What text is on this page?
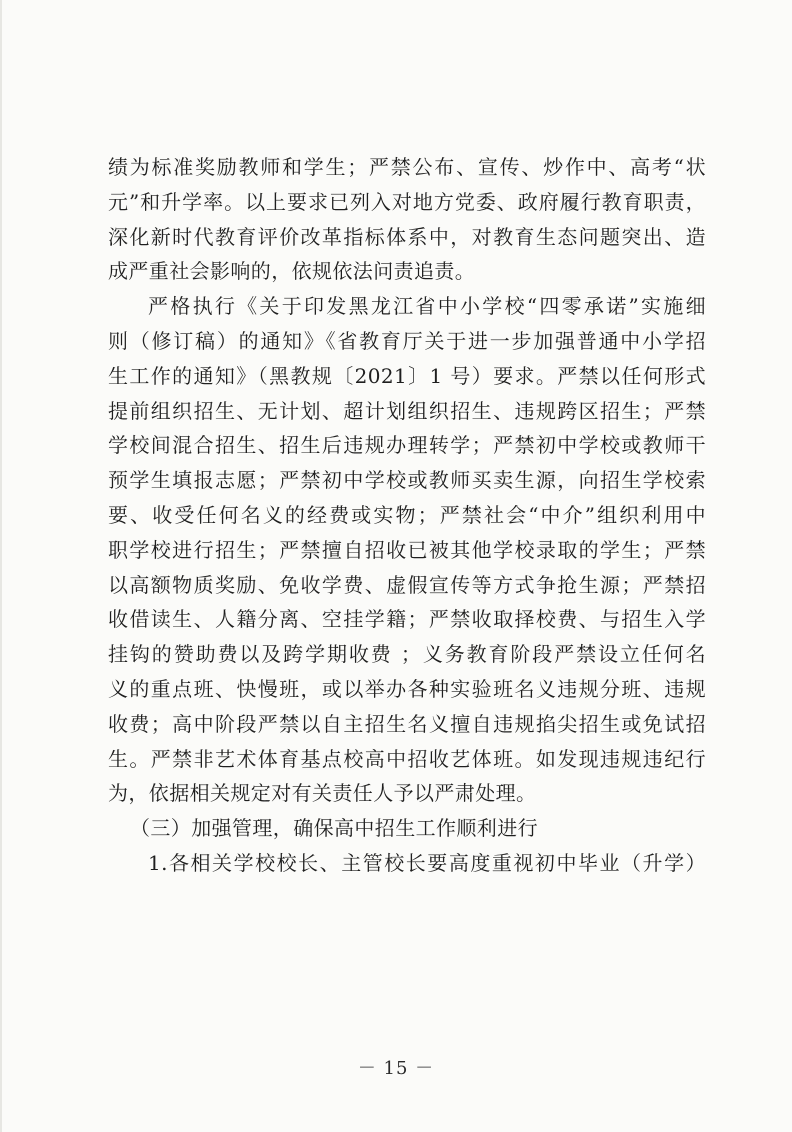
绩为标准奖励教师和学生；严禁公布、宣传、炒作中、高考“状
元”和升学率。以上要求已列入对地方党委、政府履行教育职责，
深化新时代教育评价改革指标体系中，对教育生态问题突出、造
成严重社会影响的，依规依法问责追责。

严格执行《关于印发黑龙江省中小学校“四零承诺”实施细
则（修订稿）的通知》《省教育厅关于进一步加强普通中小学招
生工作的通知》（黑教规〔2021〕1 号）要求。严禁以任何形式
提前组织招生、无计划、超计划组织招生、违规跨区招生；严禁
学校间混合招生、招生后违规办理转学；严禁初中学校或教师干
预学生填报志愿；严禁初中学校或教师买卖生源，向招生学校索
要、收受任何名义的经费或实物；严禁社会“中介”组织利用中
职学校进行招生；严禁擅自招收已被其他学校录取的学生；严禁
以高额物质奖励、免收学费、虚假宣传等方式争抢生源；严禁招
收借读生、人籍分离、空挂学籍；严禁收取择校费、与招生入学
挂钩的赞助费以及跨学期收费 ；义务教育阶段严禁设立任何名
义的重点班、快慢班，或以举办各种实验班名义违规分班、违规
收费；高中阶段严禁以自主招生名义擅自违规掐尖招生或免试招
生。严禁非艺术体育基点校高中招收艺体班。如发现违规违纪行
为，依据相关规定对有关责任人予以严肃处理。

（三）加强管理，确保高中招生工作顺利进行

1.各相关学校校长、主管校长要高度重视初中毕业（升学）

－ 15 －
